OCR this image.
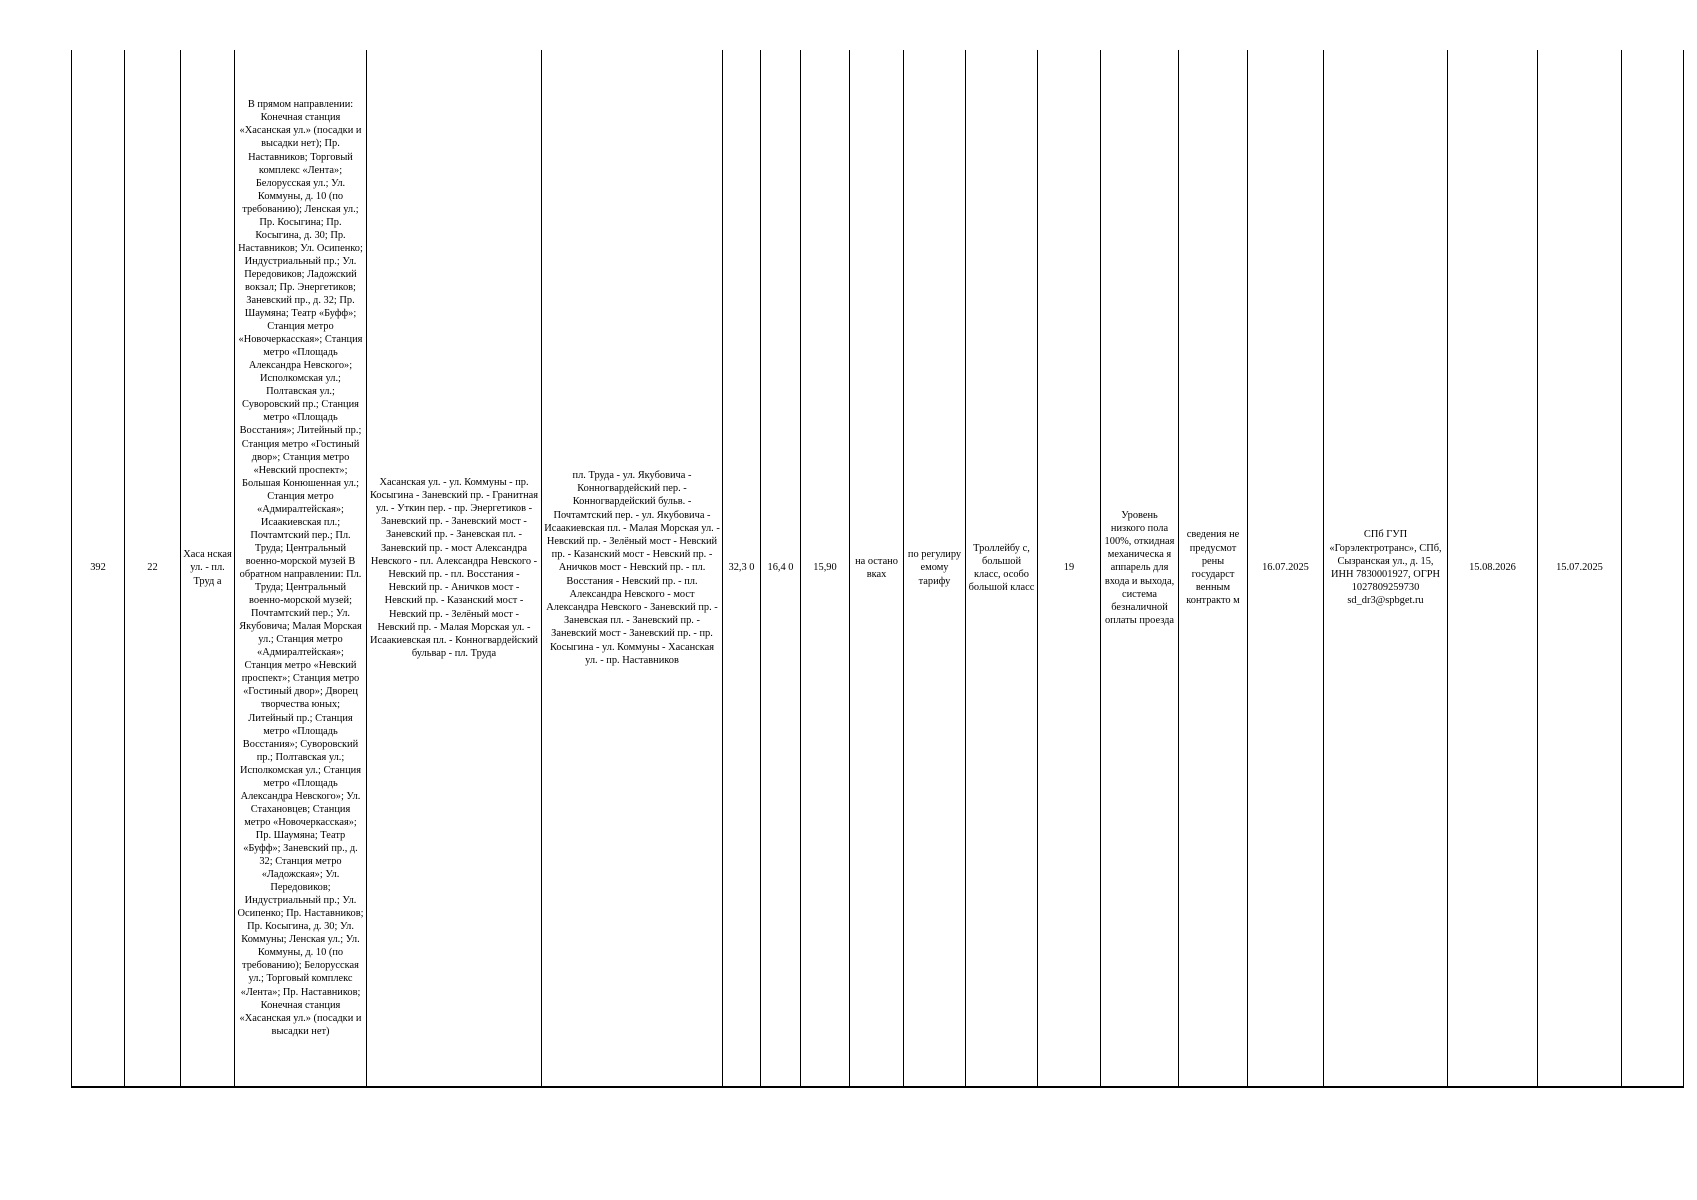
392	22	Хаса нская ул. - пл. Труд а	В прямом направлении: Конечная станция «Хасанская ул.» (посадки и высадки нет); Пр. Наставников; Торговый комплекс «Лента»; Белорусская ул.; Ул. Коммуны, д. 10 (по требованию); Ленская ул.; Пр. Косыгина; Пр. Косыгина, д. 30; Пр. Наставников; Ул. Осипенко; Индустриальный пр.; Ул. Передовиков; Ладожский вокзал; Пр. Энергетиков; Заневский пр., д. 32; Пр. Шаумяна; Театр «Буфф»; Станция метро «Новочеркасская»; Станция метро «Площадь Александра Невского»; Исполкомская ул.; Полтавская ул.; Суворовский пр.; Станция метро «Площадь Восстания»; Литейный пр.; Станция метро «Гостиный двор»; Станция метро «Невский проспект»; Большая Конюшенная ул.; Станция метро «Адмиралтейская»; Исаакиевская пл.; Почтамтский пер.; Пл. Труда; Центральный военно-морской музей В обратном направлении: Пл. Труда; Центральный военно-морской музей; Почтамтский пер.; Ул. Якубовича; Малая Морская ул.; Станция метро «Адмиралтейская»; Станция метро «Невский проспект»; Станция метро «Гостиный двор»; Дворец творчества юных; Литейный пр.; Станция метро «Площадь Восстания»; Суворовский пр.; Полтавская ул.; Исполкомская ул.; Станция метро «Площадь Александра Невского»; Ул. Стахановцев; Станция метро «Новочеркасская»; Пр. Шаумяна; Театр «Буфф»; Заневский пр., д. 32; Станция метро «Ладожская»; Ул. Передовиков; Индустриальный пр.; Ул. Осипенко; Пр. Наставников; Пр. Косыгина, д. 30; Ул. Коммуны; Ленская ул.; Ул. Коммуны, д. 10 (по требованию); Белорусская ул.; Торговый комплекс «Лента»; Пр. Наставников; Конечная станция «Хасанская ул.» (посадки и высадки нет)	Хасанская ул. - ул. Коммуны - пр. Косыгина - Заневский пр. - Гранитная ул. - Уткин пер. - пр. Энергетиков - Заневский пр. - Заневский мост - Заневский пр. - Заневская пл. - Заневский пр. - мост Александра Невского - пл. Александра Невского - Невский пр. - пл. Восстания - Невский пр. - Аничков мост - Невский пр. - Казанский мост - Невский пр. - Зелёный мост - Невский пр. - Малая Морская ул. - Исаакиевская пл. - Конногвардейский бульвар - пл. Труда	пл. Труда - ул. Якубовича - Конногвардейский пер. - Конногвардейский бульв. - Почтамтский пер. - ул. Якубовича - Исаакиевская пл. - Малая Морская ул. - Невский пр. - Зелёный мост - Невский пр. - Казанский мост - Невский пр. - Аничков мост - Невский пр. - пл. Восстания - Невский пр. - пл. Александра Невского - мост Александра Невского - Заневский пр. - Заневская пл. - Заневский пр. - Заневский мост - Заневский пр. - пр. Косыгина - ул. Коммуны - Хасанская ул. - пр. Наставников	32,3 0	16,4 0	15,90	на остано вках	по регулиру емому тарифу	Троллейбу с, большой класс, особо большой класс	19	Уровень низкого пола 100%, откидная механическа я аппарель для входа и выхода, система безналичной оплаты проезда	сведения не предусмот рены государст венным контракто м	16.07.2025	СПб ГУП «Горэлектротранс», СПб, Сызранская ул., д. 15, ИНН 7830001927, ОГРН 1027809259730 sd_dr3@spbget.ru	15.08.2026	15.07.2025	
